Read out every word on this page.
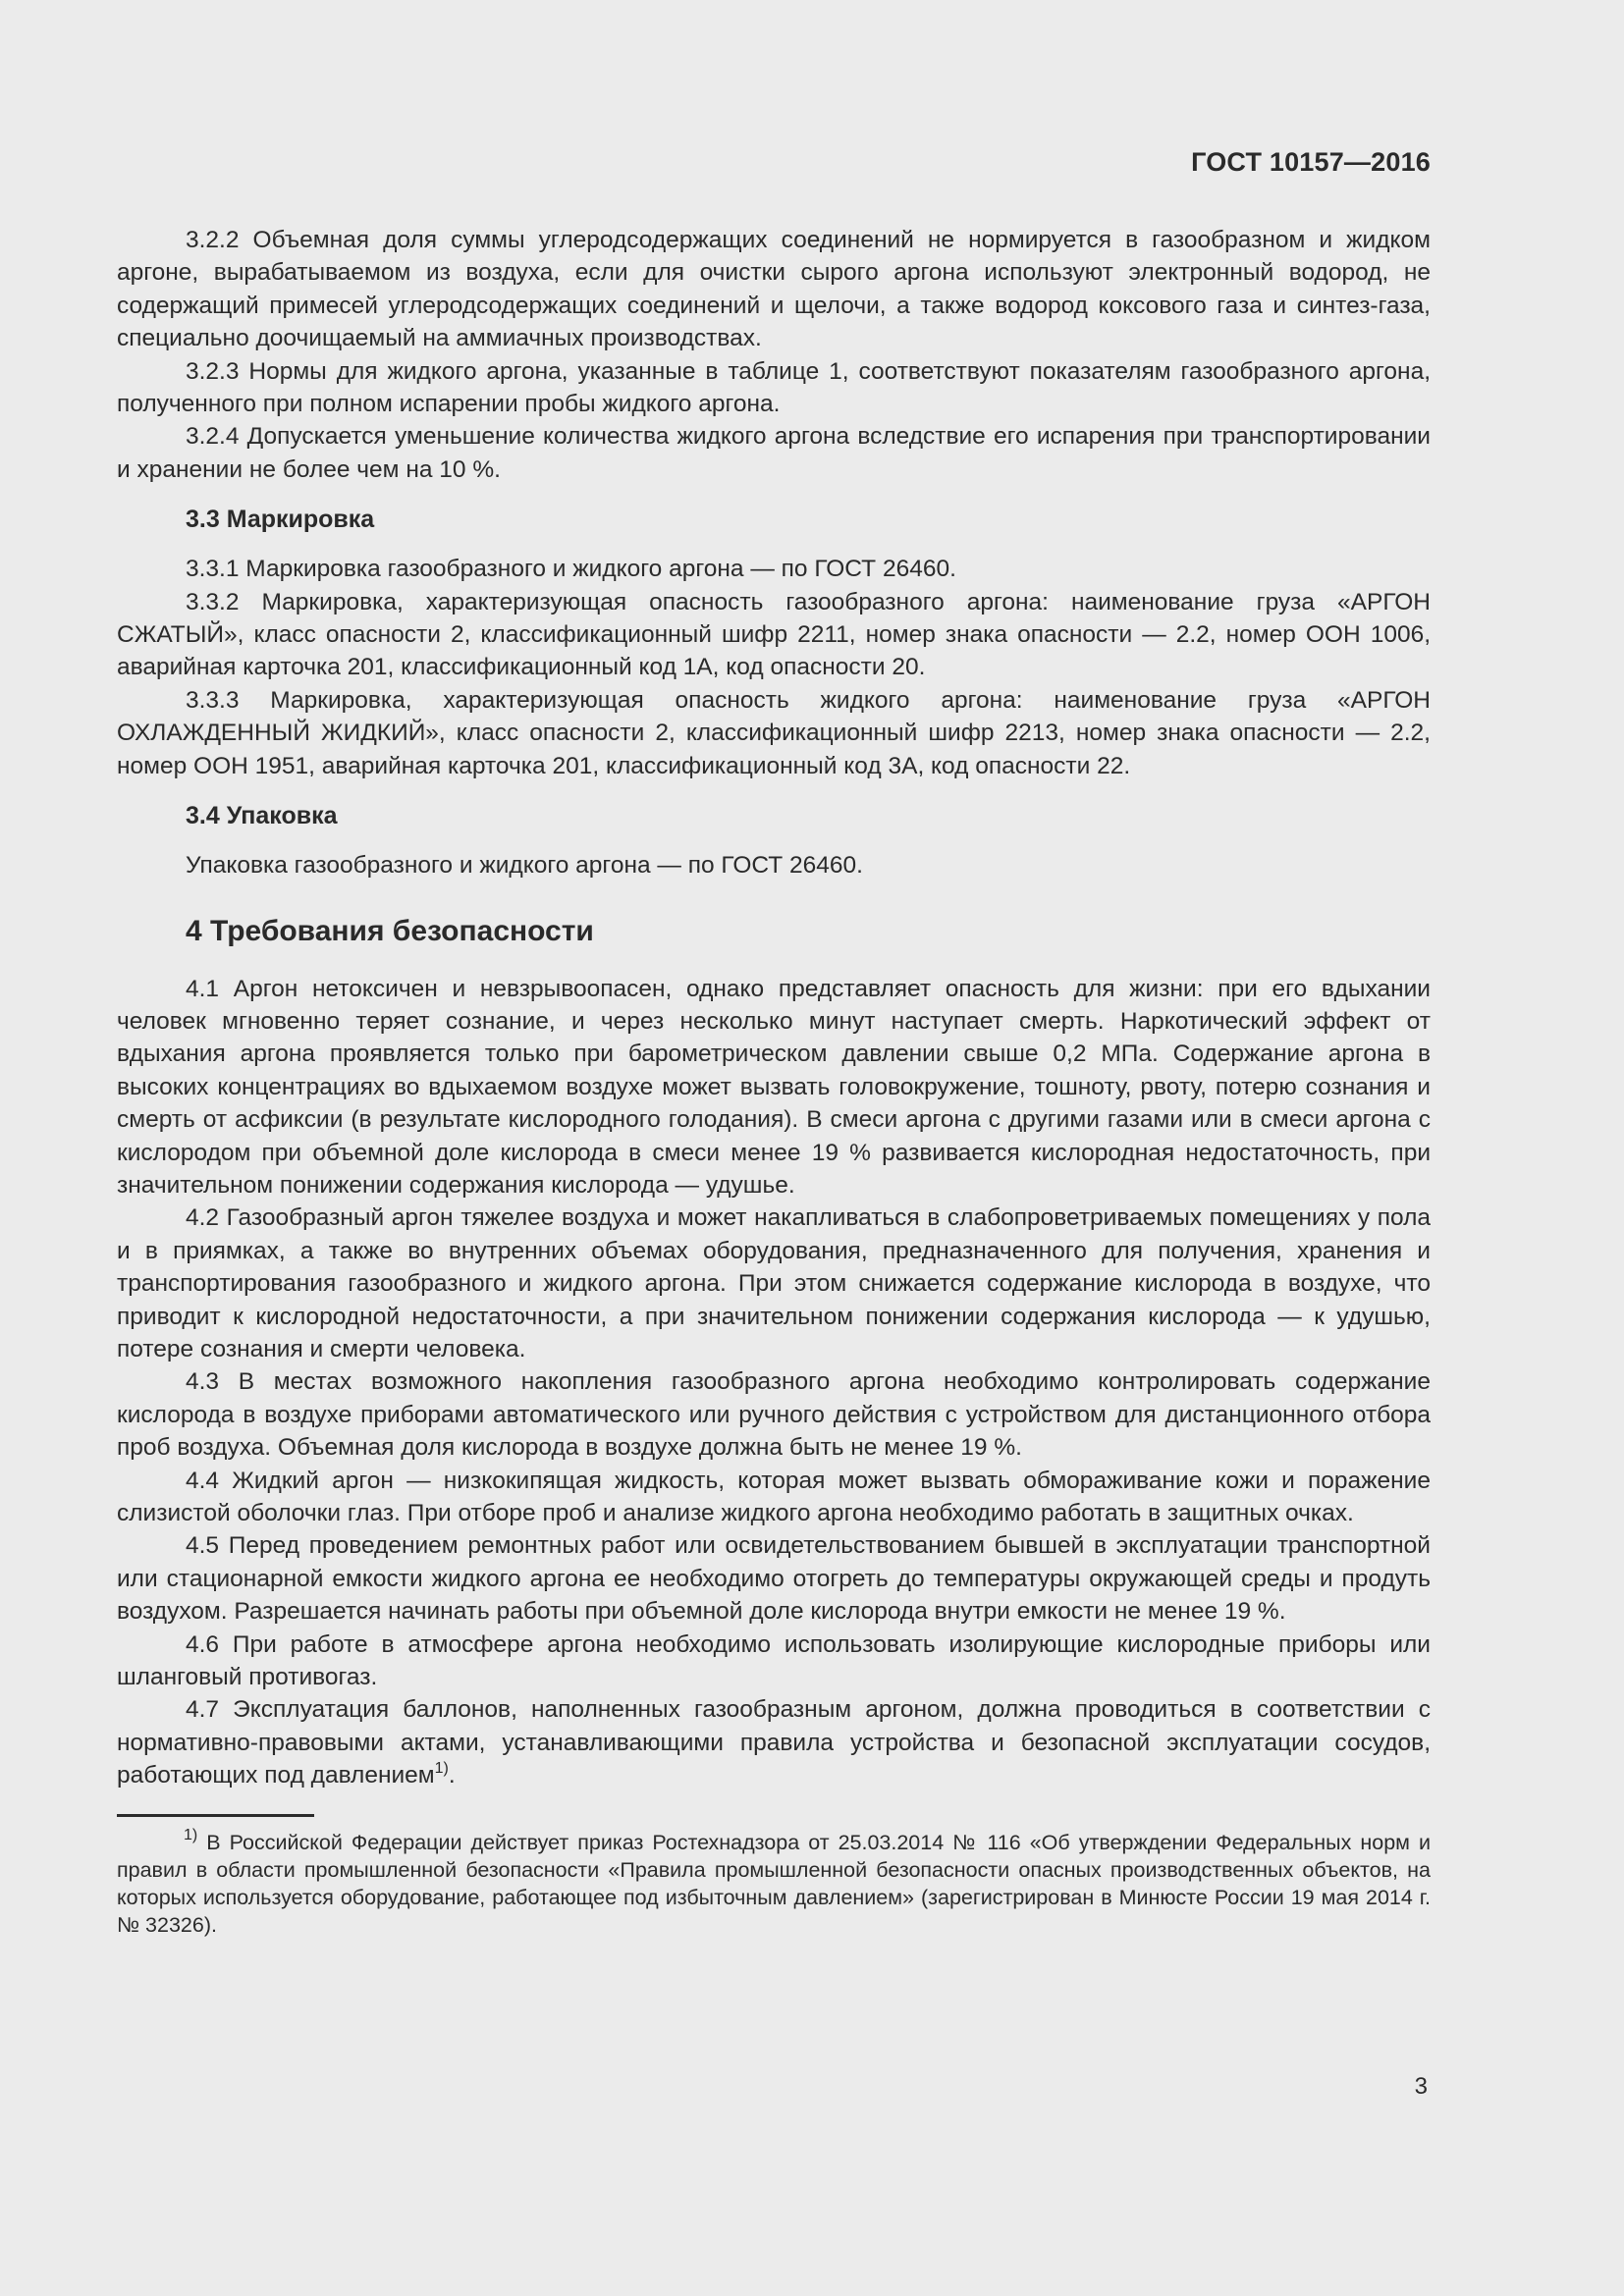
ГОСТ 10157—2016

3.2.2 Объемная доля суммы углеродсодержащих соединений не нормируется в газообразном и жидком аргоне, вырабатываемом из воздуха, если для очистки сырого аргона используют электронный водород, не содержащий примесей углеродсодержащих соединений и щелочи, а также водород коксового газа и синтез-газа, специально доочищаемый на аммиачных производствах.

3.2.3 Нормы для жидкого аргона, указанные в таблице 1, соответствуют показателям газообразного аргона, полученного при полном испарении пробы жидкого аргона.

3.2.4 Допускается уменьшение количества жидкого аргона вследствие его испарения при транспортировании и хранении не более чем на 10 %.

3.3 Маркировка

3.3.1 Маркировка газообразного и жидкого аргона — по ГОСТ 26460.

3.3.2 Маркировка, характеризующая опасность газообразного аргона: наименование груза «АРГОН СЖАТЫЙ», класс опасности 2, классификационный шифр 2211, номер знака опасности — 2.2, номер ООН 1006, аварийная карточка 201, классификационный код 1А, код опасности 20.

3.3.3 Маркировка, характеризующая опасность жидкого аргона: наименование груза «АРГОН ОХЛАЖДЕННЫЙ ЖИДКИЙ», класс опасности 2, классификационный шифр 2213, номер знака опасности — 2.2, номер ООН 1951, аварийная карточка 201, классификационный код 3А, код опасности 22.

3.4 Упаковка

Упаковка газообразного и жидкого аргона — по ГОСТ 26460.

4 Требования безопасности

4.1 Аргон нетоксичен и невзрывоопасен, однако представляет опасность для жизни: при его вдыхании человек мгновенно теряет сознание, и через несколько минут наступает смерть. Наркотический эффект от вдыхания аргона проявляется только при барометрическом давлении свыше 0,2 МПа. Содержание аргона в высоких концентрациях во вдыхаемом воздухе может вызвать головокружение, тошноту, рвоту, потерю сознания и смерть от асфиксии (в результате кислородного голодания). В смеси аргона с другими газами или в смеси аргона с кислородом при объемной доле кислорода в смеси менее 19 % развивается кислородная недостаточность, при значительном понижении содержания кислорода — удушье.

4.2 Газообразный аргон тяжелее воздуха и может накапливаться в слабопроветриваемых помещениях у пола и в приямках, а также во внутренних объемах оборудования, предназначенного для получения, хранения и транспортирования газообразного и жидкого аргона. При этом снижается содержание кислорода в воздухе, что приводит к кислородной недостаточности, а при значительном понижении содержания кислорода — к удушью, потере сознания и смерти человека.

4.3 В местах возможного накопления газообразного аргона необходимо контролировать содержание кислорода в воздухе приборами автоматического или ручного действия с устройством для дистанционного отбора проб воздуха. Объемная доля кислорода в воздухе должна быть не менее 19 %.

4.4 Жидкий аргон — низкокипящая жидкость, которая может вызвать обмораживание кожи и поражение слизистой оболочки глаз. При отборе проб и анализе жидкого аргона необходимо работать в защитных очках.

4.5 Перед проведением ремонтных работ или освидетельствованием бывшей в эксплуатации транспортной или стационарной емкости жидкого аргона ее необходимо отогреть до температуры окружающей среды и продуть воздухом. Разрешается начинать работы при объемной доле кислорода внутри емкости не менее 19 %.

4.6 При работе в атмосфере аргона необходимо использовать изолирующие кислородные приборы или шланговый противогаз.

4.7 Эксплуатация баллонов, наполненных газообразным аргоном, должна проводиться в соответствии с нормативно-правовыми актами, устанавливающими правила устройства и безопасной эксплуатации сосудов, работающих под давлением$^{1)}$.

$^{1)}$ В Российской Федерации действует приказ Ростехнадзора от 25.03.2014 № 116 «Об утверждении Федеральных норм и правил в области промышленной безопасности «Правила промышленной безопасности опасных производственных объектов, на которых используется оборудование, работающее под избыточным давлением» (зарегистрирован в Минюсте России 19 мая 2014 г. № 32326).

3
